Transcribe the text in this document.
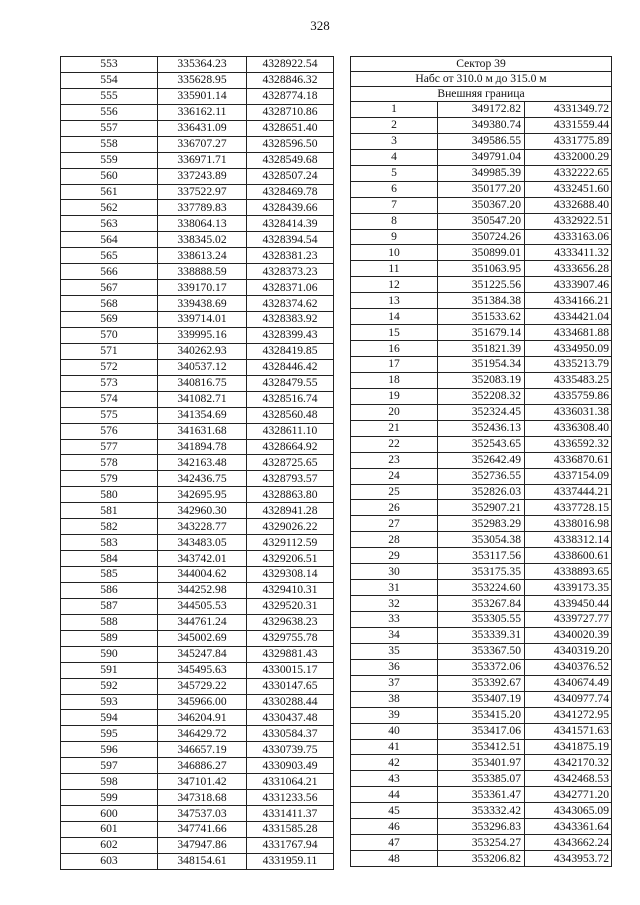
328
553	335364.23	4328922.54
554	335628.95	4328846.32
555	335901.14	4328774.18
556	336162.11	4328710.86
557	336431.09	4328651.40
558	336707.27	4328596.50
559	336971.71	4328549.68
560	337243.89	4328507.24
561	337522.97	4328469.78
562	337789.83	4328439.66
563	338064.13	4328414.39
564	338345.02	4328394.54
565	338613.24	4328381.23
566	338888.59	4328373.23
567	339170.17	4328371.06
568	339438.69	4328374.62
569	339714.01	4328383.92
570	339995.16	4328399.43
571	340262.93	4328419.85
572	340537.12	4328446.42
573	340816.75	4328479.55
574	341082.71	4328516.74
575	341354.69	4328560.48
576	341631.68	4328611.10
577	341894.78	4328664.92
578	342163.48	4328725.65
579	342436.75	4328793.57
580	342695.95	4328863.80
581	342960.30	4328941.28
582	343228.77	4329026.22
583	343483.05	4329112.59
584	343742.01	4329206.51
585	344004.62	4329308.14
586	344252.98	4329410.31
587	344505.53	4329520.31
588	344761.24	4329638.23
589	345002.69	4329755.78
590	345247.84	4329881.43
591	345495.63	4330015.17
592	345729.22	4330147.65
593	345966.00	4330288.44
594	346204.91	4330437.48
595	346429.72	4330584.37
596	346657.19	4330739.75
597	346886.27	4330903.49
598	347101.42	4331064.21
599	347318.68	4331233.56
600	347537.03	4331411.37
601	347741.66	4331585.28
602	347947.86	4331767.94
603	348154.61	4331959.11
Сектор 39		
Набс от 310.0 м до 315.0 м		
Внешняя граница		
1	349172.82	4331349.72
2	349380.74	4331559.44
3	349586.55	4331775.89
4	349791.04	4332000.29
5	349985.39	4332222.65
6	350177.20	4332451.60
7	350367.20	4332688.40
8	350547.20	4332922.51
9	350724.26	4333163.06
10	350899.01	4333411.32
11	351063.95	4333656.28
12	351225.56	4333907.46
13	351384.38	4334166.21
14	351533.62	4334421.04
15	351679.14	4334681.88
16	351821.39	4334950.09
17	351954.34	4335213.79
18	352083.19	4335483.25
19	352208.32	4335759.86
20	352324.45	4336031.38
21	352436.13	4336308.40
22	352543.65	4336592.32
23	352642.49	4336870.61
24	352736.55	4337154.09
25	352826.03	4337444.21
26	352907.21	4337728.15
27	352983.29	4338016.98
28	353054.38	4338312.14
29	353117.56	4338600.61
30	353175.35	4338893.65
31	353224.60	4339173.35
32	353267.84	4339450.44
33	353305.55	4339727.77
34	353339.31	4340020.39
35	353367.50	4340319.20
36	353372.06	4340376.52
37	353392.67	4340674.49
38	353407.19	4340977.74
39	353415.20	4341272.95
40	353417.06	4341571.63
41	353412.51	4341875.19
42	353401.97	4342170.32
43	353385.07	4342468.53
44	353361.47	4342771.20
45	353332.42	4343065.09
46	353296.83	4343361.64
47	353254.27	4343662.24
48	353206.82	4343953.72
